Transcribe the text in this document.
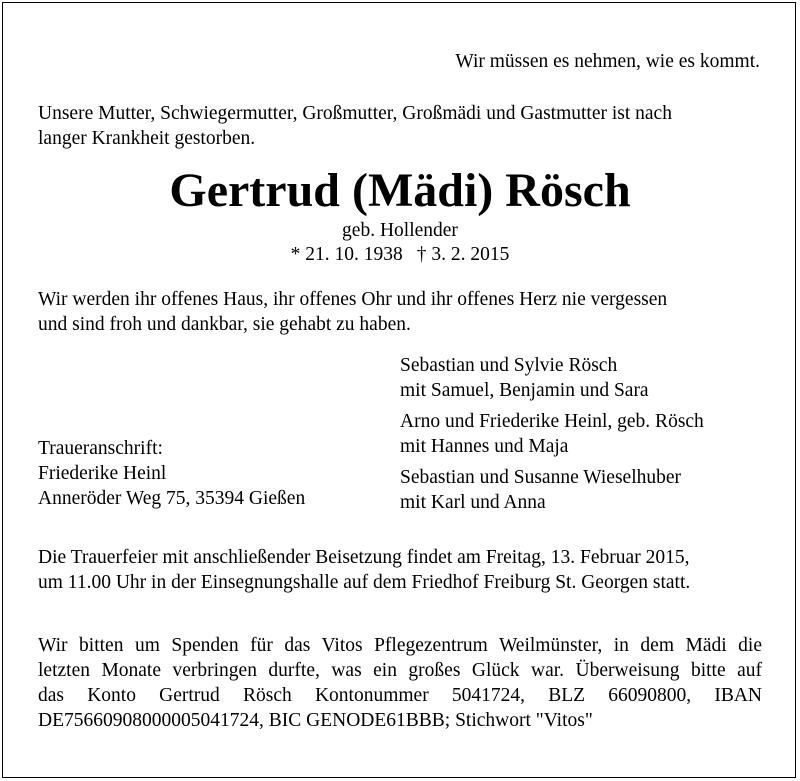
Wir müssen es nehmen, wie es kommt.
Unsere Mutter, Schwiegermutter, Großmutter, Großmädi und Gastmutter ist nach
langer Krankheit gestorben.
Gertrud (Mädi) Rösch
geb. Hollender
* 21. 10. 1938 † 3. 2. 2015
Wir werden ihr offenes Haus, ihr offenes Ohr und ihr offenes Herz nie vergessen
und sind froh und dankbar, sie gehabt zu haben.
Sebastian und Sylvie Rösch
mit Samuel, Benjamin und Sara
Arno und Friederike Heinl, geb. Rösch
mit Hannes und Maja
Sebastian und Susanne Wieselhuber
mit Karl und Anna
Traueranschrift:
Friederike Heinl
Anneröder Weg 75, 35394 Gießen
Die Trauerfeier mit anschließender Beisetzung findet am Freitag, 13. Februar 2015,
um 11.00 Uhr in der Einsegnungshalle auf dem Friedhof Freiburg St. Georgen statt.
Wir bitten um Spenden für das Vitos Pflegezentrum Weilmünster, in dem Mädi die
letzten Monate verbringen durfte, was ein großes Glück war. Überweisung bitte auf
das Konto Gertrud Rösch Kontonummer 5041724, BLZ 66090800, IBAN
DE75660908000005041724, BIC GENODE61BBB; Stichwort "Vitos"
